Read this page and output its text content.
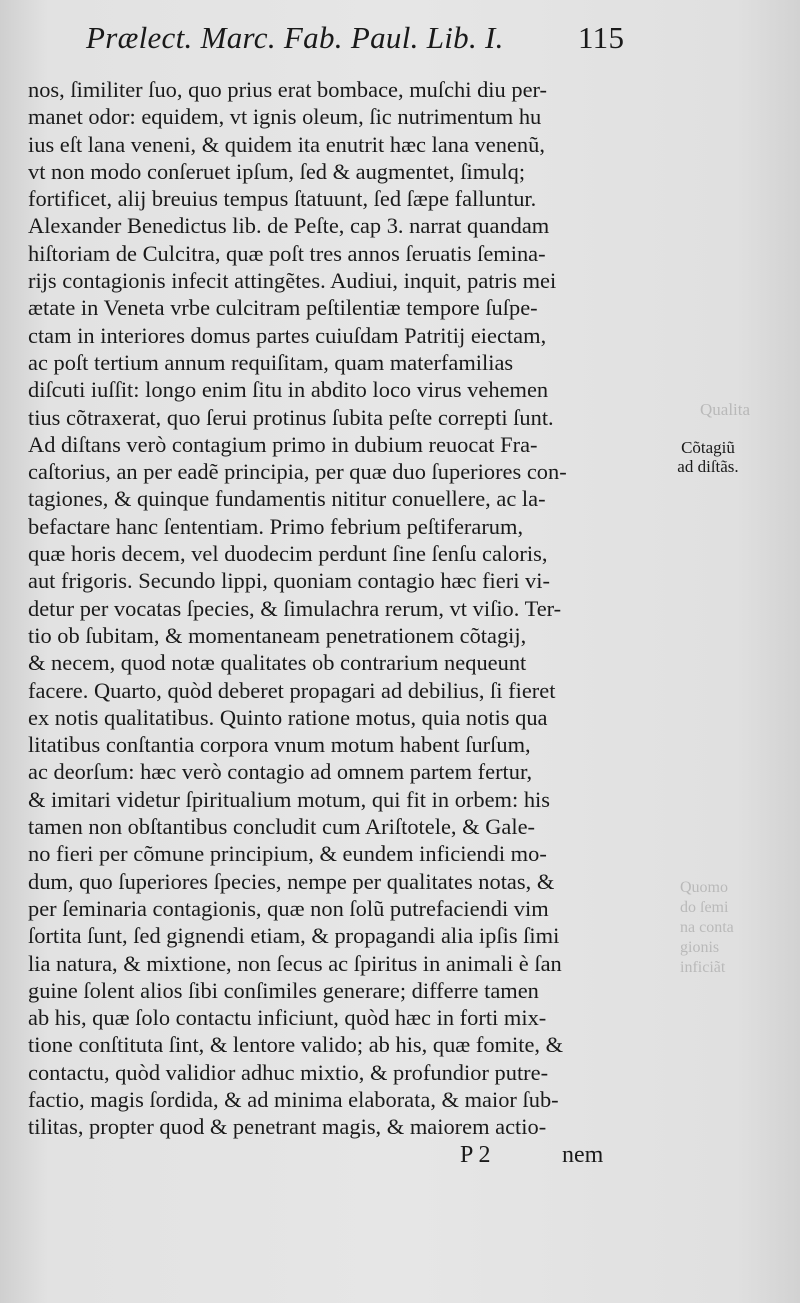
Prælect. Marc. Fab. Paul. Lib. I. 115
nos, ſimiliter ſuo, quo prius erat bombace, muſchi diu per-
manet odor: equidem, vt ignis oleum, ſic nutrimentum hu
ius eſt lana veneni, & quidem ita enutrit hæc lana venenũ,
vt non modo conſeruet ipſum, ſed & augmentet, ſimulq;
fortificet, alij breuius tempus ſtatuunt, ſed ſæpe falluntur.
Alexander Benedictus lib. de Peſte, cap 3. narrat quandam
hiſtoriam de Culcitra, quæ poſt tres annos ſeruatis ſemina-
rijs contagionis infecit attingẽtes. Audiui, inquit, patris mei
ætate in Veneta vrbe culcitram peſtilentiæ tempore ſuſpe-
ctam in interiores domus partes cuiuſdam Patritij eiectam,
ac poſt tertium annum requiſitam, quam materfamilias
diſcuti iuſſit: longo enim ſitu in abdito loco virus vehemen
tius cõtraxerat, quo ſerui protinus ſubita peſte correpti ſunt.
Ad diſtans verò contagium primo in dubium reuocat Fra-
caſtorius, an per eadẽ principia, per quæ duo ſuperiores con-
tagiones, & quinque fundamentis nititur conuellere, ac la-
befactare hanc ſententiam. Primo febrium peſtiferarum,
quæ horis decem, vel duodecim perdunt ſine ſenſu caloris,
aut frigoris. Secundo lippi, quoniam contagio hæc fieri vi-
detur per vocatas ſpecies, & ſimulachra rerum, vt viſio. Ter-
tio ob ſubitam, & momentaneam penetrationem cõtagij,
& necem, quod notæ qualitates ob contrarium nequeunt
facere. Quarto, quòd deberet propagari ad debilius, ſi fieret
ex notis qualitatibus. Quinto ratione motus, quia notis qua
litatibus conſtantia corpora vnum motum habent ſurſum,
ac deorſum: hæc verò contagio ad omnem partem fertur,
& imitari videtur ſpiritualium motum, qui fit in orbem: his
tamen non obſtantibus concludit cum Ariſtotele, & Gale-
no fieri per cõmune principium, & eundem inficiendi mo-
dum, quo ſuperiores ſpecies, nempe per qualitates notas, &
per ſeminaria contagionis, quæ non ſolũ putrefaciendi vim
ſortita ſunt, ſed gignendi etiam, & propagandi alia ipſis ſimi
lia natura, & mixtione, non ſecus ac ſpiritus in animali è ſan
guine ſolent alios ſibi conſimiles generare; differre tamen
ab his, quæ ſolo contactu inficiunt, quòd hæc in forti mix-
tione conſtituta ſint, & lentore valido; ab his, quæ fomite, &
contactu, quòd validior adhuc mixtio, & profundior putre-
factio, magis ſordida, & ad minima elaborata, & maior ſub-
tilitas, propter quod & penetrant magis, & maiorem actio-
Cõtagiũ
ad diſtãs.
Qualita
Quomo
do ſemi
na conta
gionis
inficiãt
P 2	nem
